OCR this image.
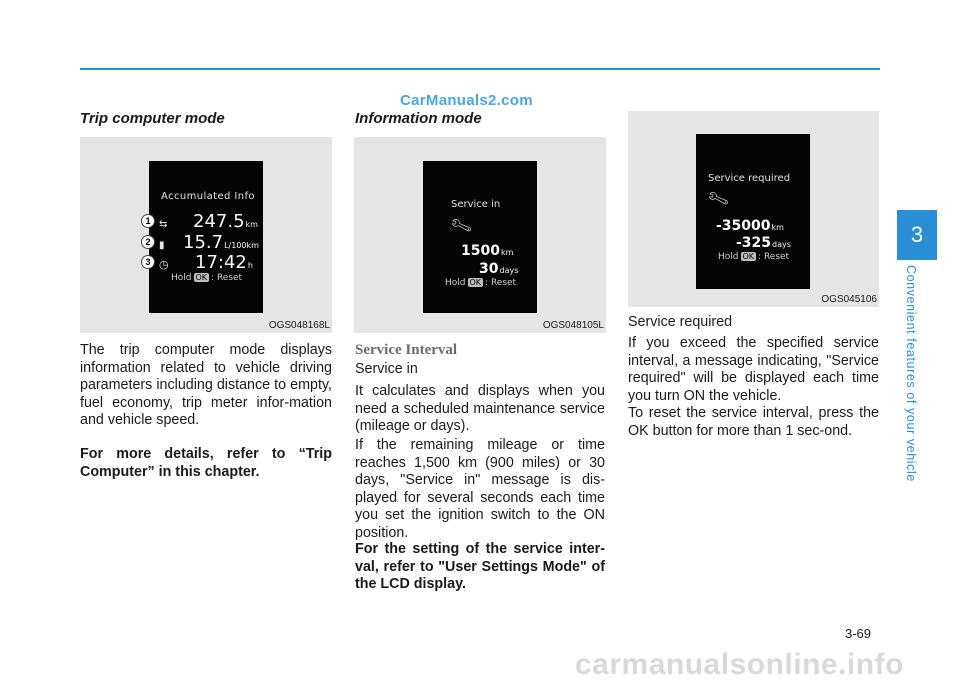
CarManuals2.com
Trip computer mode
Accumulated Info
⇆	247.5 km
▮	15.7 L/100km
◷	17:42 h
Hold OK : Reset
1
2
3
OGS048168L

The trip computer mode displays information related to vehicle driving parameters including distance to empty, fuel economy, trip meter infor-mation and vehicle speed.

For more details, refer to “Trip Computer” in this chapter.

Information mode
Service in
🔧︎
1500 km
30 days
Hold OK : Reset
OGS048105L
Service Interval

Service in

It calculates and displays when you need a scheduled maintenance service (mileage or days).

If the remaining mileage or time reaches 1,500 km (900 miles) or 30 days, "Service in" message is dis-played for several seconds each time you set the ignition switch to the ON position.

For the setting of the service inter-val, refer to "User Settings Mode" of the LCD display.

Service required
🔧︎
-35000 km
-325 days
Hold OK : Reset
OGS045106

Service required

If you exceed the specified service interval, a message indicating, "Service required" will be displayed each time you turn ON the vehicle.

To reset the service interval, press the OK button for more than 1 sec-ond.

3
Convenient features of your vehicle
3-69
carmanualsonline.info
